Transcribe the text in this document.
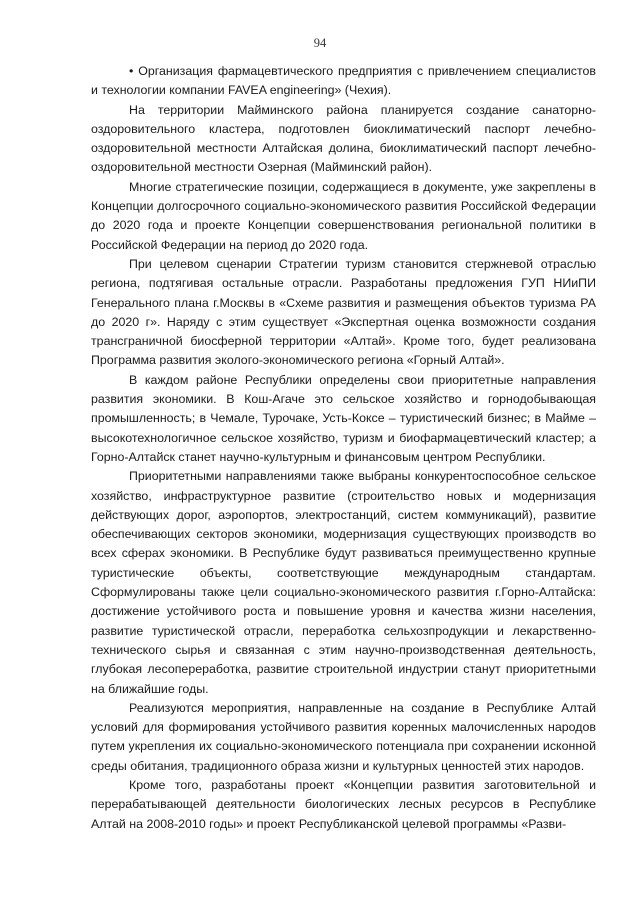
94

• Организация фармацевтического предприятия с привлечением специалистов и технологии компании FAVEA engineering» (Чехия).

На территории Майминского района планируется создание санаторно-оздоровительного кластера, подготовлен биоклиматический паспорт лечебно-оздоровительной местности Алтайская долина, биоклиматический паспорт лечебно-оздоровительной местности Озерная (Майминский район).

Многие стратегические позиции, содержащиеся в документе, уже закреплены в Концепции долгосрочного социально-экономического развития Российской Федерации до 2020 года и проекте Концепции совершенствования региональной политики в Российской Федерации на период до 2020 года.

При целевом сценарии Стратегии туризм становится стержневой отраслью региона, подтягивая остальные отрасли. Разработаны предложения ГУП НИиПИ Генерального плана г.Москвы в «Схеме развития и размещения объектов туризма РА до 2020 г». Наряду с этим существует «Экспертная оценка возможности создания трансграничной биосферной территории «Алтай». Кроме того, будет реализована Программа развития эколого-экономического региона «Горный Алтай».

В каждом районе Республики определены свои приоритетные направления развития экономики. В Кош-Агаче это сельское хозяйство и горнодобывающая промышленность; в Чемале, Турочаке, Усть-Коксе – туристический бизнес; в Майме – высокотехнологичное сельское хозяйство, туризм и биофармацевтический кластер; а Горно-Алтайск станет научно-культурным и финансовым центром Республики.

Приоритетными направлениями также выбраны конкурентоспособное сельское хозяйство, инфраструктурное развитие (строительство новых и модернизация действующих дорог, аэропортов, электростанций, систем коммуникаций), развитие обеспечивающих секторов экономики, модернизация существующих производств во всех сферах экономики. В Республике будут развиваться преимущественно крупные туристические объекты, соответствующие международным стандартам. Сформулированы также цели социально-экономического развития г.Горно-Алтайска: достижение устойчивого роста и повышение уровня и качества жизни населения, развитие туристической отрасли, переработка сельхозпродукции и лекарственно-технического сырья и связанная с этим научно-производственная деятельность, глубокая лесопереработка, развитие строительной индустрии станут приоритетными на ближайшие годы.

Реализуются мероприятия, направленные на создание в Республике Алтай условий для формирования устойчивого развития коренных малочисленных народов путем укрепления их социально-экономического потенциала при сохранении исконной среды обитания, традиционного образа жизни и культурных ценностей этих народов.

Кроме того, разработаны проект «Концепции развития заготовительной и перерабатывающей деятельности биологических лесных ресурсов в Республике Алтай на 2008-2010 годы» и проект Республиканской целевой программы «Разви-
